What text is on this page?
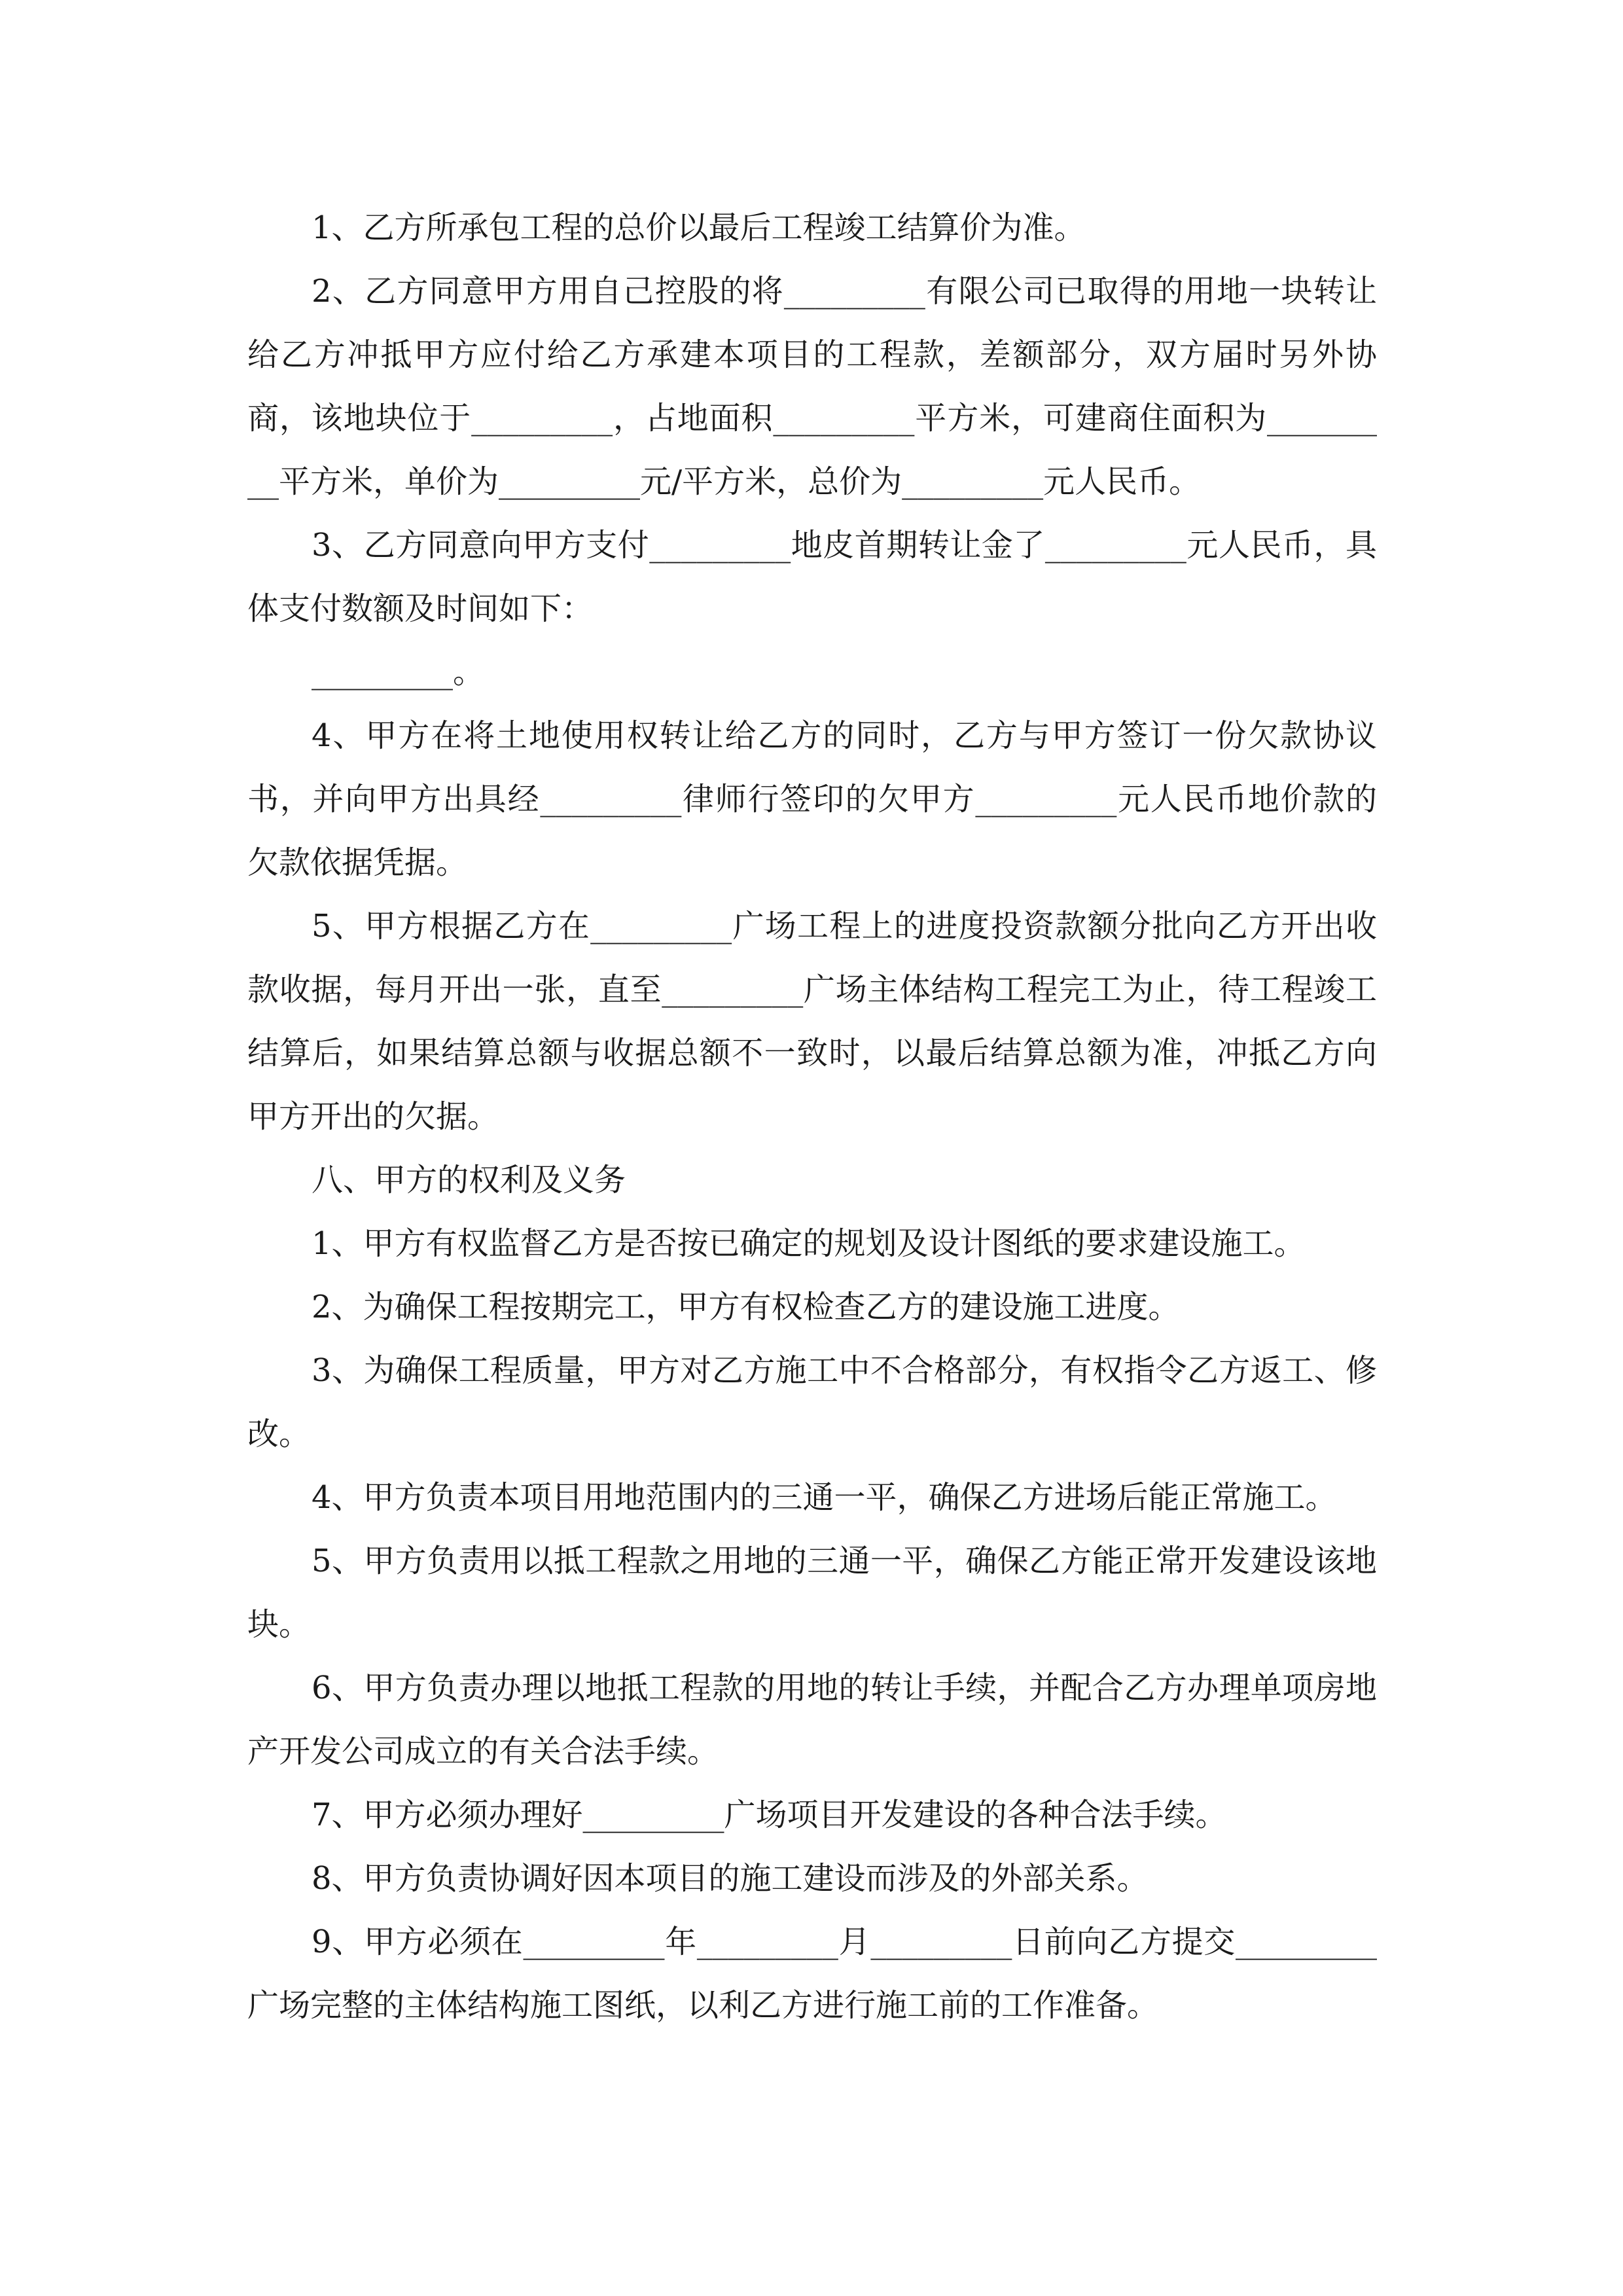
1、乙方所承包工程的总价以最后工程竣工结算价为准。

2、乙方同意甲方用自己控股的将_________有限公司已取得的用地一块转让给乙方冲抵甲方应付给乙方承建本项目的工程款，差额部分，双方届时另外协商，该地块位于_________，占地面积_________平方米，可建商住面积为_________平方米，单价为_________元/平方米，总价为_________元人民币。

3、乙方同意向甲方支付_________地皮首期转让金了_________元人民币，具体支付数额及时间如下：

_________。

4、甲方在将土地使用权转让给乙方的同时，乙方与甲方签订一份欠款协议书，并向甲方出具经_________律师行签印的欠甲方_________元人民币地价款的欠款依据凭据。

5、甲方根据乙方在_________广场工程上的进度投资款额分批向乙方开出收款收据，每月开出一张，直至_________广场主体结构工程完工为止，待工程竣工结算后，如果结算总额与收据总额不一致时，以最后结算总额为准，冲抵乙方向甲方开出的欠据。

八、甲方的权利及义务

1、甲方有权监督乙方是否按已确定的规划及设计图纸的要求建设施工。

2、为确保工程按期完工，甲方有权检查乙方的建设施工进度。

3、为确保工程质量，甲方对乙方施工中不合格部分，有权指令乙方返工、修改。

4、甲方负责本项目用地范围内的三通一平，确保乙方进场后能正常施工。

5、甲方负责用以抵工程款之用地的三通一平，确保乙方能正常开发建设该地块。

6、甲方负责办理以地抵工程款的用地的转让手续，并配合乙方办理单项房地产开发公司成立的有关合法手续。

7、甲方必须办理好_________广场项目开发建设的各种合法手续。

8、甲方负责协调好因本项目的施工建设而涉及的外部关系。

9、甲方必须在_________年_________月_________日前向乙方提交_________广场完整的主体结构施工图纸，以利乙方进行施工前的工作准备。
